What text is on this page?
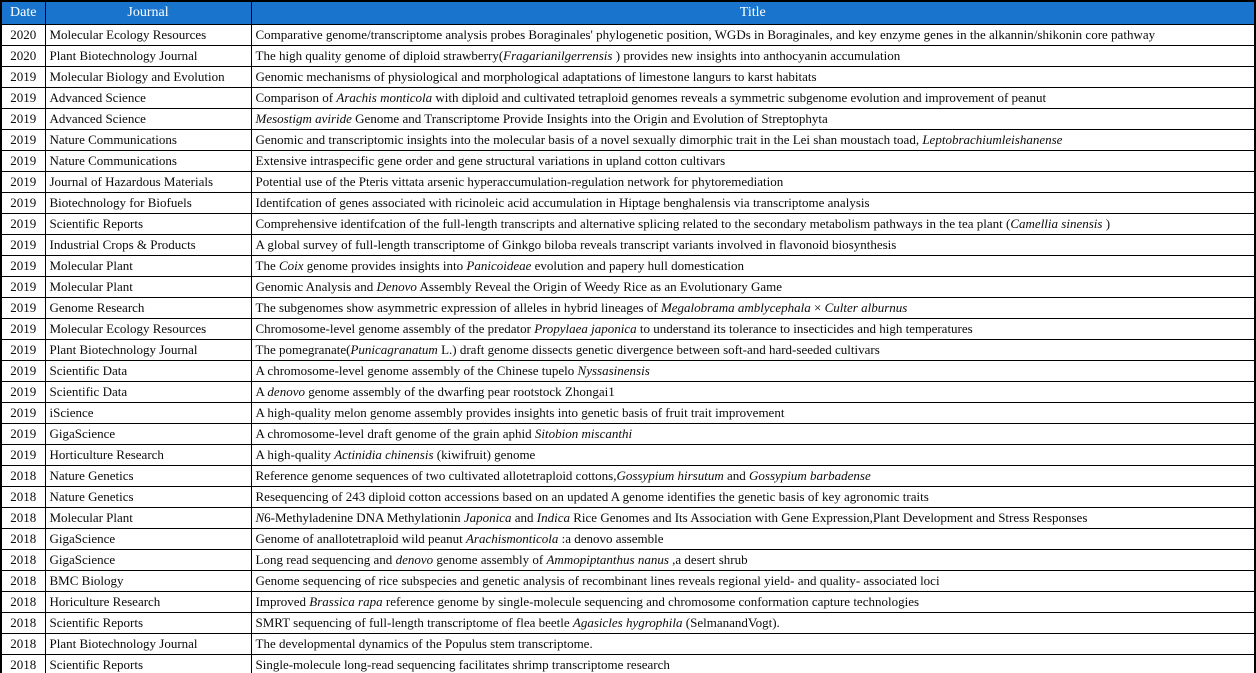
Date	Journal	Title
2020	Molecular Ecology Resources	Comparative genome/transcriptome analysis probes Boraginales' phylogenetic position, WGDs in Boraginales, and key enzyme genes in the alkannin/shikonin core pathway
2020	Plant Biotechnology Journal	The high quality genome of diploid strawberry(Fragarianilgerrensis ) provides new insights into anthocyanin accumulation
2019	Molecular Biology and Evolution	Genomic mechanisms of physiological and morphological adaptations of limestone langurs to karst habitats
2019	Advanced Science	Comparison of Arachis monticola with diploid and cultivated tetraploid genomes reveals a symmetric subgenome evolution and improvement of peanut
2019	Advanced Science	Mesostigm aviride Genome and Transcriptome Provide Insights into the Origin and Evolution of Streptophyta
2019	Nature Communications	Genomic and transcriptomic insights into the molecular basis of a novel sexually dimorphic trait in the Lei shan moustach toad, Leptobrachiumleishanense
2019	Nature Communications	Extensive intraspecific gene order and gene structural variations in upland cotton cultivars
2019	Journal of Hazardous Materials	Potential use of the Pteris vittata arsenic hyperaccumulation-regulation network for phytoremediation
2019	Biotechnology for Biofuels	Identifcation of genes associated with ricinoleic acid accumulation in Hiptage benghalensis via transcriptome analysis
2019	Scientific Reports	Comprehensive identifcation of the full-length transcripts and alternative splicing related to the secondary metabolism pathways in the tea plant (Camellia sinensis )
2019	Industrial Crops & Products	A global survey of full-length transcriptome of Ginkgo biloba reveals transcript variants involved in flavonoid biosynthesis
2019	Molecular Plant	The Coix genome provides insights into Panicoideae evolution and papery hull domestication
2019	Molecular Plant	Genomic Analysis and Denovo Assembly Reveal the Origin of Weedy Rice as an Evolutionary Game
2019	Genome Research	The subgenomes show asymmetric expression of alleles in hybrid lineages of Megalobrama amblycephala × Culter alburnus
2019	Molecular Ecology Resources	Chromosome-level genome assembly of the predator Propylaea japonica to understand its tolerance to insecticides and high temperatures
2019	Plant Biotechnology Journal	The pomegranate(Punicagranatum L.) draft genome dissects genetic divergence between soft-and hard-seeded cultivars
2019	Scientific Data	A chromosome-level genome assembly of the Chinese tupelo Nyssasinensis
2019	Scientific Data	A denovo genome assembly of the dwarfing pear rootstock Zhongai1
2019	iScience	A high-quality melon genome assembly provides insights into genetic basis of fruit trait improvement
2019	GigaScience	A chromosome-level draft genome of the grain aphid Sitobion miscanthi
2019	Horticulture Research	A high-quality Actinidia chinensis (kiwifruit) genome
2018	Nature Genetics	Reference genome sequences of two cultivated allotetraploid cottons,Gossypium hirsutum and Gossypium barbadense
2018	Nature Genetics	Resequencing of 243 diploid cotton accessions based on an updated A genome identifies the genetic basis of key agronomic traits
2018	Molecular Plant	N6-Methyladenine DNA Methylationin Japonica and Indica Rice Genomes and Its Association with Gene Expression,Plant Development and Stress Responses
2018	GigaScience	Genome of anallotetraploid wild peanut Arachismonticola :a denovo assemble
2018	GigaScience	Long read sequencing and denovo genome assembly of Ammopiptanthus nanus ,a desert shrub
2018	BMC Biology	Genome sequencing of rice subspecies and genetic analysis of recombinant lines reveals regional yield- and quality- associated loci
2018	Horiculture Research	Improved Brassica rapa reference genome by single-molecule sequencing and chromosome conformation capture technologies
2018	Scientific Reports	SMRT sequencing of full-length transcriptome of flea beetle Agasicles hygrophila (SelmanandVogt).
2018	Plant Biotechnology Journal	The developmental dynamics of the Populus stem transcriptome.
2018	Scientific Reports	Single-molecule long-read sequencing facilitates shrimp transcriptome research
